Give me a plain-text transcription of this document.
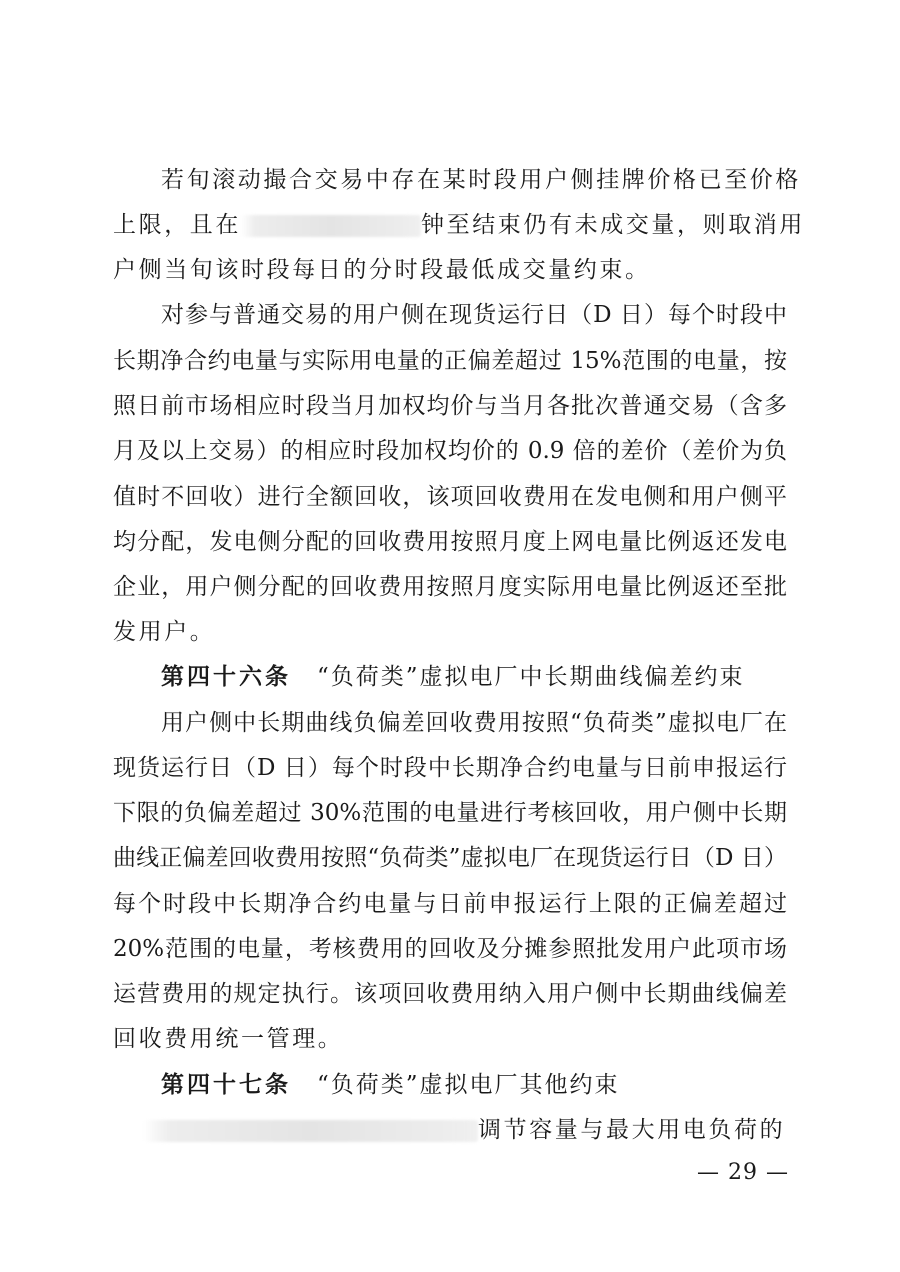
若旬滚动撮合交易中存在某时段用户侧挂牌价格已至价格
上限，且在	钟至结束仍有未成交量，则取消用
户侧当旬该时段每日的分时段最低成交量约束。
对参与普通交易的用户侧在现货运行日（D 日）每个时段中
长期净合约电量与实际用电量的正偏差超过 15%范围的电量，按
照日前市场相应时段当月加权均价与当月各批次普通交易（含多
月及以上交易）的相应时段加权均价的 0.9 倍的差价（差价为负
值时不回收）进行全额回收，该项回收费用在发电侧和用户侧平
均分配，发电侧分配的回收费用按照月度上网电量比例返还发电
企业，用户侧分配的回收费用按照月度实际用电量比例返还至批
发用户。
第四十六条 “负荷类”虚拟电厂中长期曲线偏差约束
用户侧中长期曲线负偏差回收费用按照“负荷类”虚拟电厂在
现货运行日（D 日）每个时段中长期净合约电量与日前申报运行
下限的负偏差超过 30%范围的电量进行考核回收，用户侧中长期
曲线正偏差回收费用按照“负荷类”虚拟电厂在现货运行日（D 日）
每个时段中长期净合约电量与日前申报运行上限的正偏差超过
20%范围的电量，考核费用的回收及分摊参照批发用户此项市场
运营费用的规定执行。该项回收费用纳入用户侧中长期曲线偏差
回收费用统一管理。
第四十七条 “负荷类”虚拟电厂其他约束
调节容量与最大用电负荷的
— 29 —
